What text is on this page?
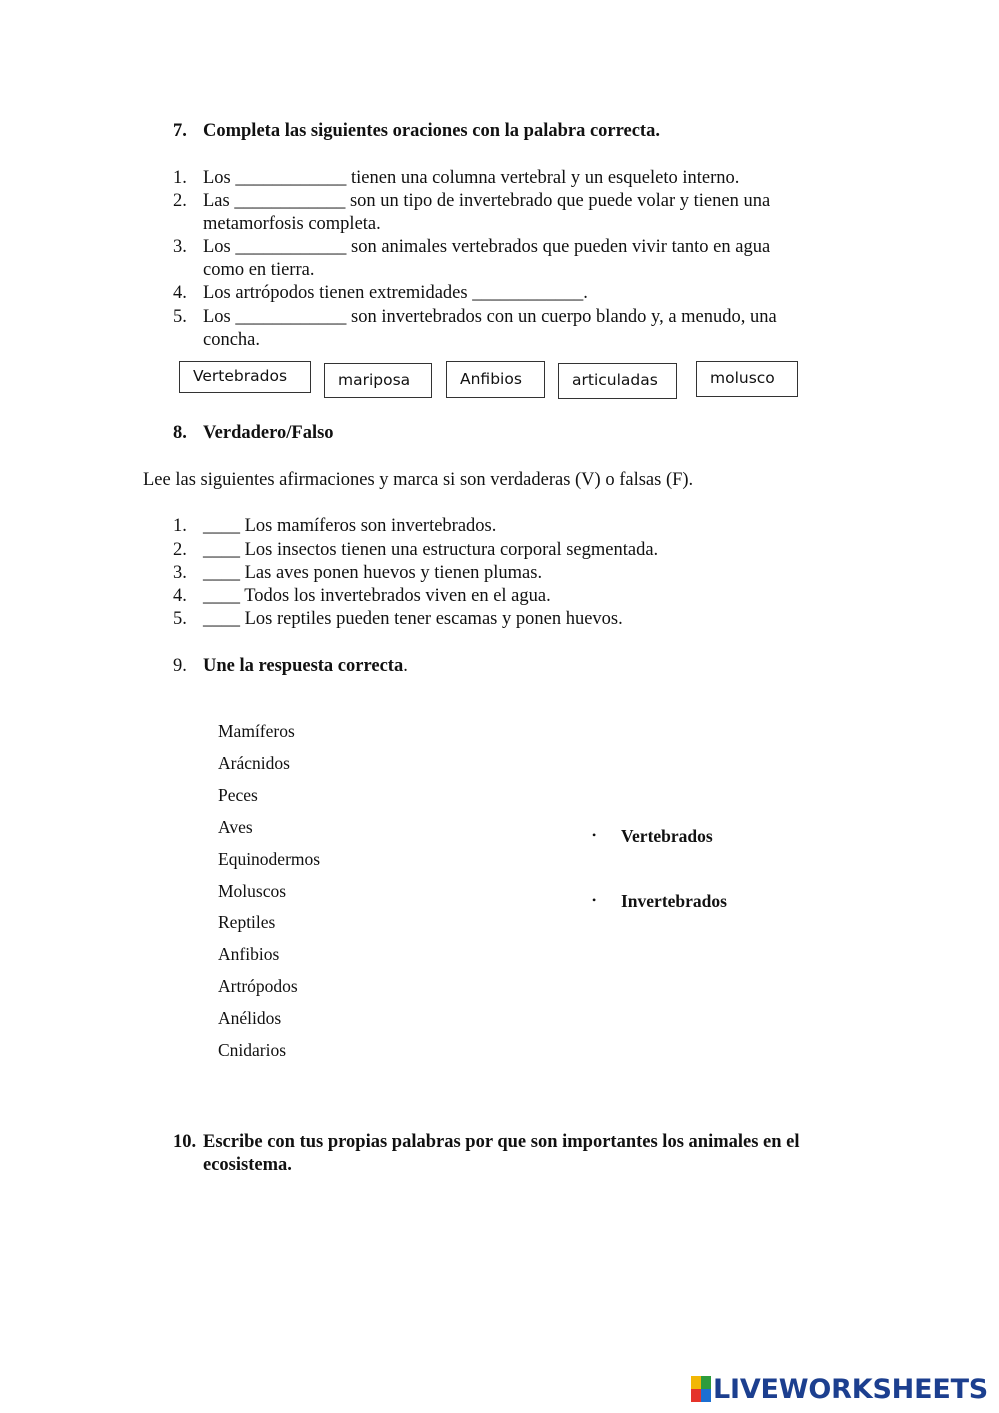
7. Completa las siguientes oraciones con la palabra correcta.
1. Los ____________ tienen una columna vertebral y un esqueleto interno.
2. Las ____________ son un tipo de invertebrado que puede volar y tienen una
metamorfosis completa.
3. Los ____________ son animales vertebrados que pueden vivir tanto en agua
como en tierra.
4. Los artrópodos tienen extremidades ____________.
5. Los ____________ son invertebrados con un cuerpo blando y, a menudo, una
concha.
Vertebrados	mariposa	Anfibios	articuladas	molusco
8. Verdadero/Falso
Lee las siguientes afirmaciones y marca si son verdaderas (V) o falsas (F).
1. ____ Los mamíferos son invertebrados.
2. ____ Los insectos tienen una estructura corporal segmentada.
3. ____ Las aves ponen huevos y tienen plumas.
4. ____ Todos los invertebrados viven en el agua.
5. ____ Los reptiles pueden tener escamas y ponen huevos.
9. Une la respuesta correcta.
Mamíferos
Arácnidos
Peces
Aves
Equinodermos
Moluscos
Reptiles
Anfibios
Artrópodos
Anélidos
Cnidarios
• Vertebrados
• Invertebrados
10. Escribe con tus propias palabras por que son importantes los animales en el
ecosistema.
LIVEWORKSHEETS
